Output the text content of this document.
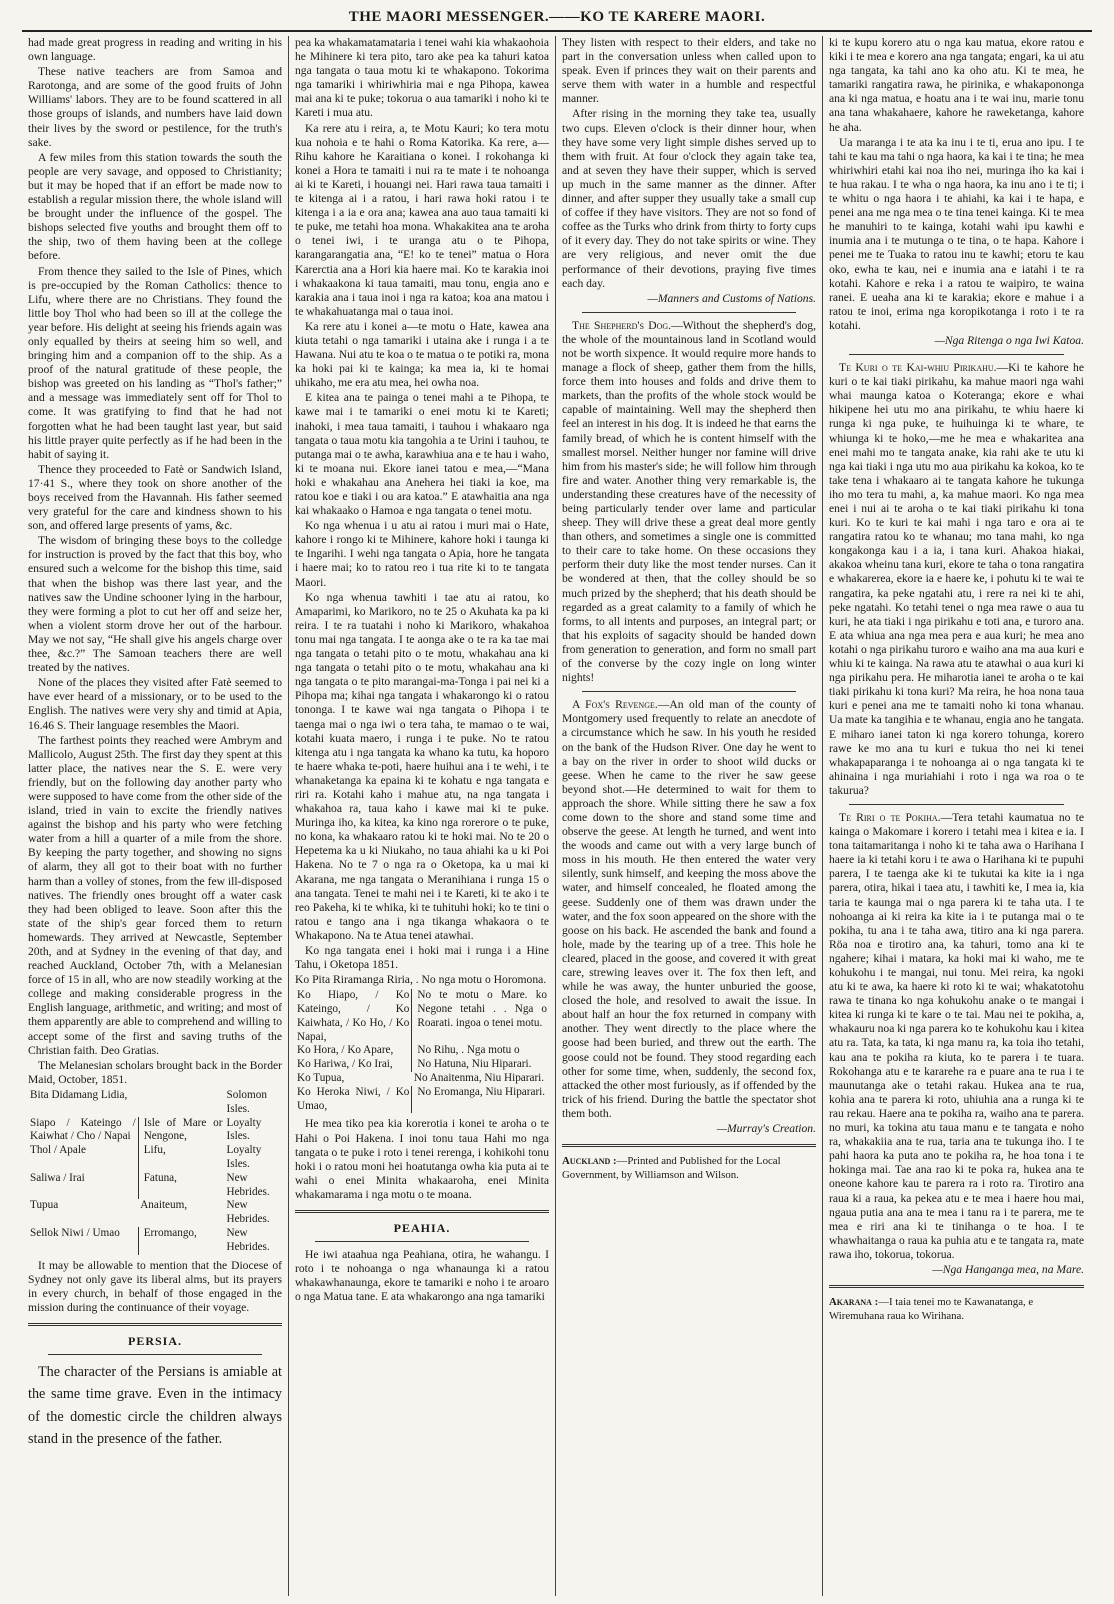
THE MAORI MESSENGER.——KO TE KARERE MAORI.

had made great progress in reading and writing in his own language.

These native teachers are from Samoa and Rarotonga, and are some of the good fruits of John Williams' labors. They are to be found scattered in all those groups of islands, and numbers have laid down their lives by the sword or pestilence, for the truth's sake.

A few miles from this station towards the south the people are very savage, and opposed to Christianity; but it may be hoped that if an effort be made now to establish a regular mission there, the whole island will be brought under the influence of the gospel. The bishops selected five youths and brought them off to the ship, two of them having been at the college before.

From thence they sailed to the Isle of Pines, which is pre-occupied by the Roman Catholics: thence to Lifu, where there are no Christians. They found the little boy Thol who had been so ill at the college the year before. His delight at seeing his friends again was only equalled by theirs at seeing him so well, and bringing him and a companion off to the ship. As a proof of the natural gratitude of these people, the bishop was greeted on his landing as “Thol's father;” and a message was immediately sent off for Thol to come. It was gratifying to find that he had not forgotten what he had been taught last year, but said his little prayer quite perfectly as if he had been in the habit of saying it.

Thence they proceeded to Fatè or Sandwich Island, 17·41 S., where they took on shore another of the boys received from the Havannah. His father seemed very grateful for the care and kindness shown to his son, and offered large presents of yams, &c.

The wisdom of bringing these boys to the colledge for instruction is proved by the fact that this boy, who ensured such a welcome for the bishop this time, said that when the bishop was there last year, and the natives saw the Undine schooner lying in the harbour, they were forming a plot to cut her off and seize her, when a violent storm drove her out of the harbour. May we not say, “He shall give his angels charge over thee, &c.?” The Samoan teachers there are well treated by the natives.

None of the places they visited after Fatè seemed to have ever heard of a missionary, or to be used to the English. The natives were very shy and timid at Apia, 16.46 S. Their language resembles the Maori.

The farthest points they reached were Ambrym and Mallicolo, August 25th. The first day they spent at this latter place, the natives near the S. E. were very friendly, but on the following day another party who were supposed to have come from the other side of the island, tried in vain to excite the friendly natives against the bishop and his party who were fetching water from a hill a quarter of a mile from the shore. By keeping the party together, and showing no signs of alarm, they all got to their boat with no further harm than a volley of stones, from the few ill-disposed natives. The friendly ones brought off a water cask they had been obliged to leave. Soon after this the state of the ship's gear forced them to return homewards. They arrived at Newcastle, September 20th, and at Sydney in the evening of that day, and reached Auckland, October 7th, with a Melanesian force of 15 in all, who are now steadily working at the college and making considerable progress in the English language, arithmetic, and writing; and most of them apparently are able to comprehend and willing to accept some of the first and saving truths of the Christian faith. Deo Gratias.

The Melanesian scholars brought back in the Border Maid, October, 1851.

Bita Didamang Lidia,		Solomon Isles.
Siapo / Kateingo / Kaiwhat / Cho / Napai	Isle of Mare or Nengone,	Loyalty Isles.
Thol / Apale	Lifu,	Loyalty Isles.
Saliwa / Irai	Fatuna,	New Hebrides.
Tupua	Anaiteum,	New Hebrides.
Sellok Niwi / Umao	Erromango,	New Hebrides.

It may be allowable to mention that the Diocese of Sydney not only gave its liberal alms, but its prayers in every church, in behalf of those engaged in the mission during the continuance of their voyage.

PERSIA.

The character of the Persians is amiable at the same time grave. Even in the intimacy of the domestic circle the children always stand in the presence of the father.

pea ka whakamatamataria i tenei wahi kia whakaohoia he Mihinere ki tera pito, taro ake pea ka tahuri katoa nga tangata o taua motu ki te whakapono. Tokorima nga tamariki i whiriwhiria mai e nga Pihopa, kawea mai ana ki te puke; tokorua o aua tamariki i noho ki te Kareti i mua atu.

Ka rere atu i reira, a, te Motu Kauri; ko tera motu kua nohoia e te hahi o Roma Katorika. Ka rere, a—Rihu kahore he Karaitiana o konei. I rokohanga ki konei a Hora te tamaiti i nui ra te mate i te nohoanga ai ki te Kareti, i houangi nei. Hari rawa taua tamaiti i te kitenga ai i a ratou, i hari rawa hoki ratou i te kitenga i a ia e ora ana; kawea ana auo taua tamaiti ki te puke, me tetahi hoa mona. Whakakitea ana te aroha o tenei iwi, i te uranga atu o te Pihopa, karangarangatia ana, “E! ko te tenei” matua o Hora Karerctia ana a Hori kia haere mai. Ko te karakia inoi i whakaakona ki taua tamaiti, mau tonu, engia ano e karakia ana i taua inoi i nga ra katoa; koa ana matou i te whakahuatanga mai o taua inoi.

Ka rere atu i konei a—te motu o Hate, kawea ana kiuta tetahi o nga tamariki i utaina ake i runga i a te Hawana. Nui atu te koa o te matua o te potiki ra, mona ka hoki pai ki te kainga; ka mea ia, ki te homai uhikaho, me era atu mea, hei owha noa.

E kitea ana te painga o tenei mahi a te Pihopa, te kawe mai i te tamariki o enei motu ki te Kareti; inahoki, i mea taua tamaiti, i tauhou i whakaaro nga tangata o taua motu kia tangohia a te Urini i tauhou, te putanga mai o te awha, karawhiua ana e te hau i waho, ki te moana nui. Ekore ianei tatou e mea,—“Mana hoki e whakahau ana Anehera hei tiaki ia koe, ma ratou koe e tiaki i ou ara katoa.” E atawhaitia ana nga kai whakaako o Hamoa e nga tangata o tenei motu.

Ko nga whenua i u atu ai ratou i muri mai o Hate, kahore i rongo ki te Mihinere, kahore hoki i taunga ki te Ingarihi. I wehi nga tangata o Apia, hore he tangata i haere mai; ko to ratou reo i tua rite ki to te tangata Maori.

Ko nga whenua tawhiti i tae atu ai ratou, ko Amaparimi, ko Marikoro, no te 25 o Akuhata ka pa ki reira. I te ra tuatahi i noho ki Marikoro, whakahoa tonu mai nga tangata. I te aonga ake o te ra ka tae mai nga tangata o tetahi pito o te motu, whakahau ana ki nga tangata o tetahi pito o te motu, whakahau ana ki nga tangata o te pito marangai-ma-Tonga i pai nei ki a Pihopa ma; kihai nga tangata i whakarongo ki o ratou tononga. I te kawe wai nga tangata o Pihopa i te taenga mai o nga iwi o tera taha, te mamao o te wai, kotahi kuata maero, i runga i te puke. No te ratou kitenga atu i nga tangata ka whano ka tutu, ka hoporo te haere whaka te-poti, haere huihui ana i te wehi, i te whanaketanga ka epaina ki te kohatu e nga tangata e riri ra. Kotahi kaho i mahue atu, na nga tangata i whakahoa ra, taua kaho i kawe mai ki te puke. Muringa iho, ka kitea, ka kino nga rorerore o te puke, no kona, ka whakaaro ratou ki te hoki mai. No te 20 o Hepetema ka u ki Niukaho, no taua ahiahi ka u ki Poi Hakena. No te 7 o nga ra o Oketopa, ka u mai ki Akarana, me nga tangata o Meranihiana i runga 15 o ana tangata. Tenei te mahi nei i te Kareti, ki te ako i te reo Pakeha, ki te whika, ki te tuhituhi hoki; ko te tini o ratou e tango ana i nga tikanga whakaora o te Whakapono. Na te Atua tenei atawhai.

Ko nga tangata enei i hoki mai i runga i a Hine Tahu, i Oketopa 1851.

Ko Pita Riramanga Riria, . No nga motu o Horomona.

Ko Hiapo, / Ko Kateingo, / Ko Kaiwhata, / Ko Ho, / Ko Napai,	No te motu o Mare. ko Negone tetahi . . Nga o Roarati. ingoa o tenei motu.
Ko Hora, / Ko Apare,	No Rihu, . Nga motu o
Ko Hariwa, / Ko Irai,	No Hatuna, Niu Hiparari.
Ko Tupua,	No Anaitenma, Niu Hiparari.
Ko Heroka Niwi, / Ko Umao,	No Eromanga, Niu Hiparari.

He mea tiko pea kia korerotia i konei te aroha o te Hahi o Poi Hakena. I inoi tonu taua Hahi mo nga tangata o te puke i roto i tenei rerenga, i kohikohi tonu hoki i o ratou moni hei hoatutanga owha kia puta ai te wahi o enei Minita whakaaroha, enei Minita whakamarama i nga motu o te moana.

PEAHIA.

He iwi ataahua nga Peahiana, otira, he wahangu. I roto i te nohoanga o nga whanaunga ki a ratou whakawhanaunga, ekore te tamariki e noho i te aroaro o nga Matua tane. E ata whakarongo ana nga tamariki

They listen with respect to their elders, and take no part in the conversation unless when called upon to speak. Even if princes they wait on their parents and serve them with water in a humble and respectful manner.

After rising in the morning they take tea, usually two cups. Eleven o'clock is their dinner hour, when they have some very light simple dishes served up to them with fruit. At four o'clock they again take tea, and at seven they have their supper, which is served up much in the same manner as the dinner. After dinner, and after supper they usually take a small cup of coffee if they have visitors. They are not so fond of coffee as the Turks who drink from thirty to forty cups of it every day. They do not take spirits or wine. They are very religious, and never omit the due performance of their devotions, praying five times each day.

—Manners and Customs of Nations.

The Shepherd's Dog.—Without the shepherd's dog, the whole of the mountainous land in Scotland would not be worth sixpence. It would require more hands to manage a flock of sheep, gather them from the hills, force them into houses and folds and drive them to markets, than the profits of the whole stock would be capable of maintaining. Well may the shepherd then feel an interest in his dog. It is indeed he that earns the family bread, of which he is content himself with the smallest morsel. Neither hunger nor famine will drive him from his master's side; he will follow him through fire and water. Another thing very remarkable is, the understanding these creatures have of the necessity of being particularly tender over lame and particular sheep. They will drive these a great deal more gently than others, and sometimes a single one is committed to their care to take home. On these occasions they perform their duty like the most tender nurses. Can it be wondered at then, that the colley should be so much prized by the shepherd; that his death should be regarded as a great calamity to a family of which he forms, to all intents and purposes, an integral part; or that his exploits of sagacity should be handed down from generation to generation, and form no small part of the converse by the cozy ingle on long winter nights!

A Fox's Revenge.—An old man of the county of Montgomery used frequently to relate an anecdote of a circumstance which he saw. In his youth he resided on the bank of the Hudson River. One day he went to a bay on the river in order to shoot wild ducks or geese. When he came to the river he saw geese beyond shot.—He determined to wait for them to approach the shore. While sitting there he saw a fox come down to the shore and stand some time and observe the geese. At length he turned, and went into the woods and came out with a very large bunch of moss in his mouth. He then entered the water very silently, sunk himself, and keeping the moss above the water, and himself concealed, he floated among the geese. Suddenly one of them was drawn under the water, and the fox soon appeared on the shore with the goose on his back. He ascended the bank and found a hole, made by the tearing up of a tree. This hole he cleared, placed in the goose, and covered it with great care, strewing leaves over it. The fox then left, and while he was away, the hunter unburied the goose, closed the hole, and resolved to await the issue. In about half an hour the fox returned in company with another. They went directly to the place where the goose had been buried, and threw out the earth. The goose could not be found. They stood regarding each other for some time, when, suddenly, the second fox, attacked the other most furiously, as if offended by the trick of his friend. During the battle the spectator shot them both.

—Murray's Creation.

Auckland :—Printed and Published for the Local Government, by Williamson and Wilson.

ki te kupu korero atu o nga kau matua, ekore ratou e kiki i te mea e korero ana nga tangata; engari, ka ui atu nga tangata, ka tahi ano ka oho atu. Ki te mea, he tamariki rangatira rawa, he pirinika, e whakapononga ana ki nga matua, e hoatu ana i te wai inu, marie tonu ana tana whakahaere, kahore he raweketanga, kahore he aha.

Ua maranga i te ata ka inu i te ti, erua ano ipu. I te tahi te kau ma tahi o nga haora, ka kai i te tina; he mea whiriwhiri etahi kai noa iho nei, muringa iho ka kai i te hua rakau. I te wha o nga haora, ka inu ano i te ti; i te whitu o nga haora i te ahiahi, ka kai i te hapa, e penei ana me nga mea o te tina tenei kainga. Ki te mea he manuhiri to te kainga, kotahi wahi ipu kawhi e inumia ana i te mutunga o te tina, o te hapa. Kahore i penei me te Tuaka to ratou inu te kawhi; etoru te kau oko, ewha te kau, nei e inumia ana e iatahi i te ra kotahi. Kahore e reka i a ratou te waipiro, te waina ranei. E ueaha ana ki te karakia; ekore e mahue i a ratou te inoi, erima nga koropikotanga i roto i te ra kotahi.

—Nga Ritenga o nga Iwi Katoa.

Te Kuri o te Kai-whiu Pirikahu.—Ki te kahore he kuri o te kai tiaki pirikahu, ka mahue maori nga wahi whai maunga katoa o Koteranga; ekore e whai hikipene hei utu mo ana pirikahu, te whiu haere ki runga ki nga puke, te huihuinga ki te whare, te whiunga ki te hoko,—me he mea e whakaritea ana enei mahi mo te tangata anake, kia rahi ake te utu ki nga kai tiaki i nga utu mo aua pirikahu ka kokoa, ko te take tena i whakaaro ai te tangata kahore he tukunga iho mo tera tu mahi, a, ka mahue maori. Ko nga mea enei i nui ai te aroha o te kai tiaki pirikahu ki tona kuri. Ko te kuri te kai mahi i nga taro e ora ai te rangatira ratou ko te whanau; mo tana mahi, ko nga kongakonga kau i a ia, i tana kuri. Ahakoa hiakai, akakoa wheinu tana kuri, ekore te taha o tona rangatira e whakarerea, ekore ia e haere ke, i pohutu ki te wai te rangatira, ka peke ngatahi atu, i rere ra nei ki te ahi, peke ngatahi. Ko tetahi tenei o nga mea rawe o aua tu kuri, he ata tiaki i nga pirikahu e toti ana, e turoro ana. E ata whiua ana nga mea pera e aua kuri; he mea ano kotahi o nga pirikahu turoro e waiho ana ma aua kuri e whiu ki te kainga. Na rawa atu te atawhai o aua kuri ki nga pirikahu pera. He miharotia ianei te aroha o te kai tiaki pirikahu ki tona kuri? Ma reira, he hoa nona taua kuri e penei ana me te tamaiti noho ki tona whanau. Ua mate ka tangihia e te whanau, engia ano he tangata. E miharo ianei taton ki nga korero tohunga, korero rawe ke mo ana tu kuri e tukua tho nei ki tenei whakapaparanga i te nohoanga ai o nga tangata ki te ahinaina i nga muriahiahi i roto i nga wa roa o te takurua?

Te Riri o te Pokiha.—Tera tetahi kaumatua no te kainga o Makomare i korero i tetahi mea i kitea e ia. I tona taitamaritanga i noho ki te taha awa o Harihana I haere ia ki tetahi koru i te awa o Harihana ki te pupuhi parera, I te taenga ake ki te tukutai ka kite ia i nga parera, otira, hikai i taea atu, i tawhiti ke, I mea ia, kia taria te kaunga mai o nga parera ki te taha uta. I te nohoanga ai ki reira ka kite ia i te putanga mai o te pokiha, tu ana i te taha awa, titiro ana ki nga parera. Röa noa e tirotiro ana, ka tahuri, tomo ana ki te ngahere; kihai i matara, ka hoki mai ki waho, me te kohukohu i te mangai, nui tonu. Mei reira, ka ngoki atu ki te awa, ka haere ki roto ki te wai; whakatotohu rawa te tinana ko nga kohukohu anake o te mangai i kitea ki runga ki te kare o te tai. Mau nei te pokiha, a, whakauru noa ki nga parera ko te kohukohu kau i kitea atu ra. Tata, ka tata, ki nga manu ra, ka toia iho tetahi, kau ana te pokiha ra kiuta, ko te parera i te tuara. Rokohanga atu e te kararehe ra e puare ana te rua i te maunutanga ake o tetahi rakau. Hukea ana te rua, kohia ana te parera ki roto, uhiuhia ana a runga ki te rau rekau. Haere ana te pokiha ra, waiho ana te parera. no muri, ka tokina atu taua manu e te tangata e noho ra, whakakiia ana te rua, taria ana te tukunga iho. I te pahi haora ka puta ano te pokiha ra, he hoa tona i te hokinga mai. Tae ana rao ki te poka ra, hukea ana te oneone kahore kau te parera ra i roto ra. Tirotiro ana raua ki a raua, ka pekea atu e te mea i haere hou mai, ngaua putia ana ana te mea i tanu ra i te parera, me te mea e riri ana ki te tinihanga o te hoa. I te whawhaitanga o raua ka puhia atu e te tangata ra, mate rawa iho, tokorua, tokorua.

—Nga Hanganga mea, na Mare.

Akarana :—I taia tenei mo te Kawanatanga, e Wiremuhana raua ko Wirihana.
